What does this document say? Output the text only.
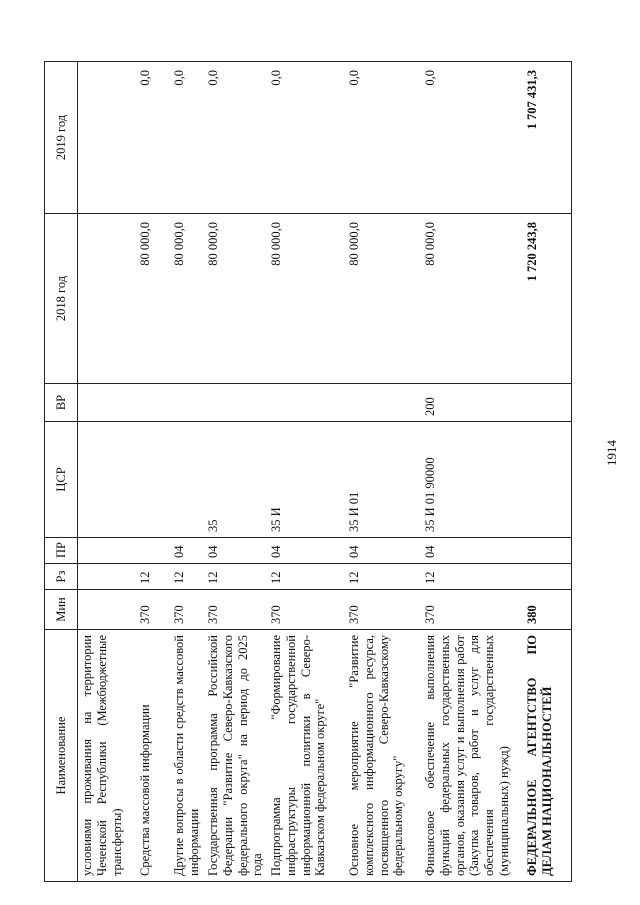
1914
Наименование	Мин	Рз	ПР	ЦСР	ВР	2018 год	2019 год
условиями проживания на территории Чеченской Республики (Межбюджетные трансферты)							
Средства массовой информации	370	12				80 000,0	0,0
Другие вопросы в области средств массовой информации	370	12	04			80 000,0	0,0
Государственная программа Российской Федерации "Развитие Северо-Кавказского федерального округа" на период до 2025 года	370	12	04	35		80 000,0	0,0
Подпрограмма "Формирование инфраструктуры государственной информационной политики в Северо-Кавказском федеральном округе"	370	12	04	35 И		80 000,0	0,0
Основное мероприятие "Развитие комплексного информационного ресурса, посвященного Северо-Кавказскому федеральному округу"	370	12	04	35 И 01		80 000,0	0,0
Финансовое обеспечение выполнения функций федеральных государственных органов, оказания услуг и выполнения работ (Закупка товаров, работ и услуг для обеспечения государственных (муниципальных) нужд)	370	12	04	35 И 01 90000	200	80 000,0	0,0
ФЕДЕРАЛЬНОЕ АГЕНТСТВО ПО ДЕЛАМ НАЦИОНАЛЬНОСТЕЙ	380					1 720 243,8	1 707 431,3
